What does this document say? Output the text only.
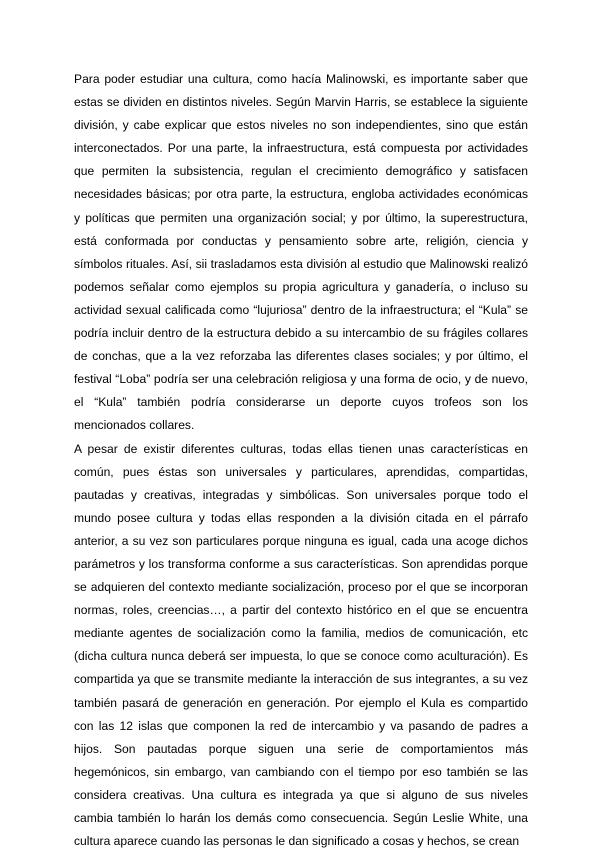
Para poder estudiar una cultura, como hacía Malinowski, es importante saber que estas se dividen en distintos niveles. Según Marvin Harris, se establece la siguiente división, y cabe explicar que estos niveles no son independientes, sino que están interconectados. Por una parte, la infraestructura, está compuesta por actividades que permiten la subsistencia, regulan el crecimiento demográfico y satisfacen necesidades básicas; por otra parte, la estructura, engloba actividades económicas y políticas que permiten una organización social; y por último, la superestructura, está conformada por conductas y pensamiento sobre arte, religión, ciencia y símbolos rituales. Así, sii trasladamos esta división al estudio que Malinowski realizó podemos señalar como ejemplos su propia agricultura y ganadería, o incluso su actividad sexual calificada como “lujuriosa” dentro de la infraestructura; el “Kula” se podría incluir dentro de la estructura debido a su intercambio de su frágiles collares de conchas, que a la vez reforzaba las diferentes clases sociales; y por último, el festival “Loba” podría ser una celebración religiosa y una forma de ocio, y de nuevo, el “Kula” también podría considerarse un deporte cuyos trofeos son los mencionados collares.

A pesar de existir diferentes culturas, todas ellas tienen unas características en común, pues éstas son universales y particulares, aprendidas, compartidas, pautadas y creativas, integradas y simbólicas. Son universales porque todo el mundo posee cultura y todas ellas responden a la división citada en el párrafo anterior, a su vez son particulares porque ninguna es igual, cada una acoge dichos parámetros y los transforma conforme a sus características. Son aprendidas porque se adquieren del contexto mediante socialización, proceso por el que se incorporan normas, roles, creencias…, a partir del contexto histórico en el que se encuentra mediante agentes de socialización como la familia, medios de comunicación, etc (dicha cultura nunca deberá ser impuesta, lo que se conoce como aculturación). Es compartida ya que se transmite mediante la interacción de sus integrantes, a su vez también pasará de generación en generación. Por ejemplo el Kula es compartido con las 12 islas que componen la red de intercambio y va pasando de padres a hijos. Son pautadas porque siguen una serie de comportamientos más hegemónicos, sin embargo, van cambiando con el tiempo por eso también se las considera creativas. Una cultura es integrada ya que si alguno de sus niveles cambia también lo harán los demás como consecuencia. Según Leslie White, una cultura aparece cuando las personas le dan significado a cosas y hechos, se crean
